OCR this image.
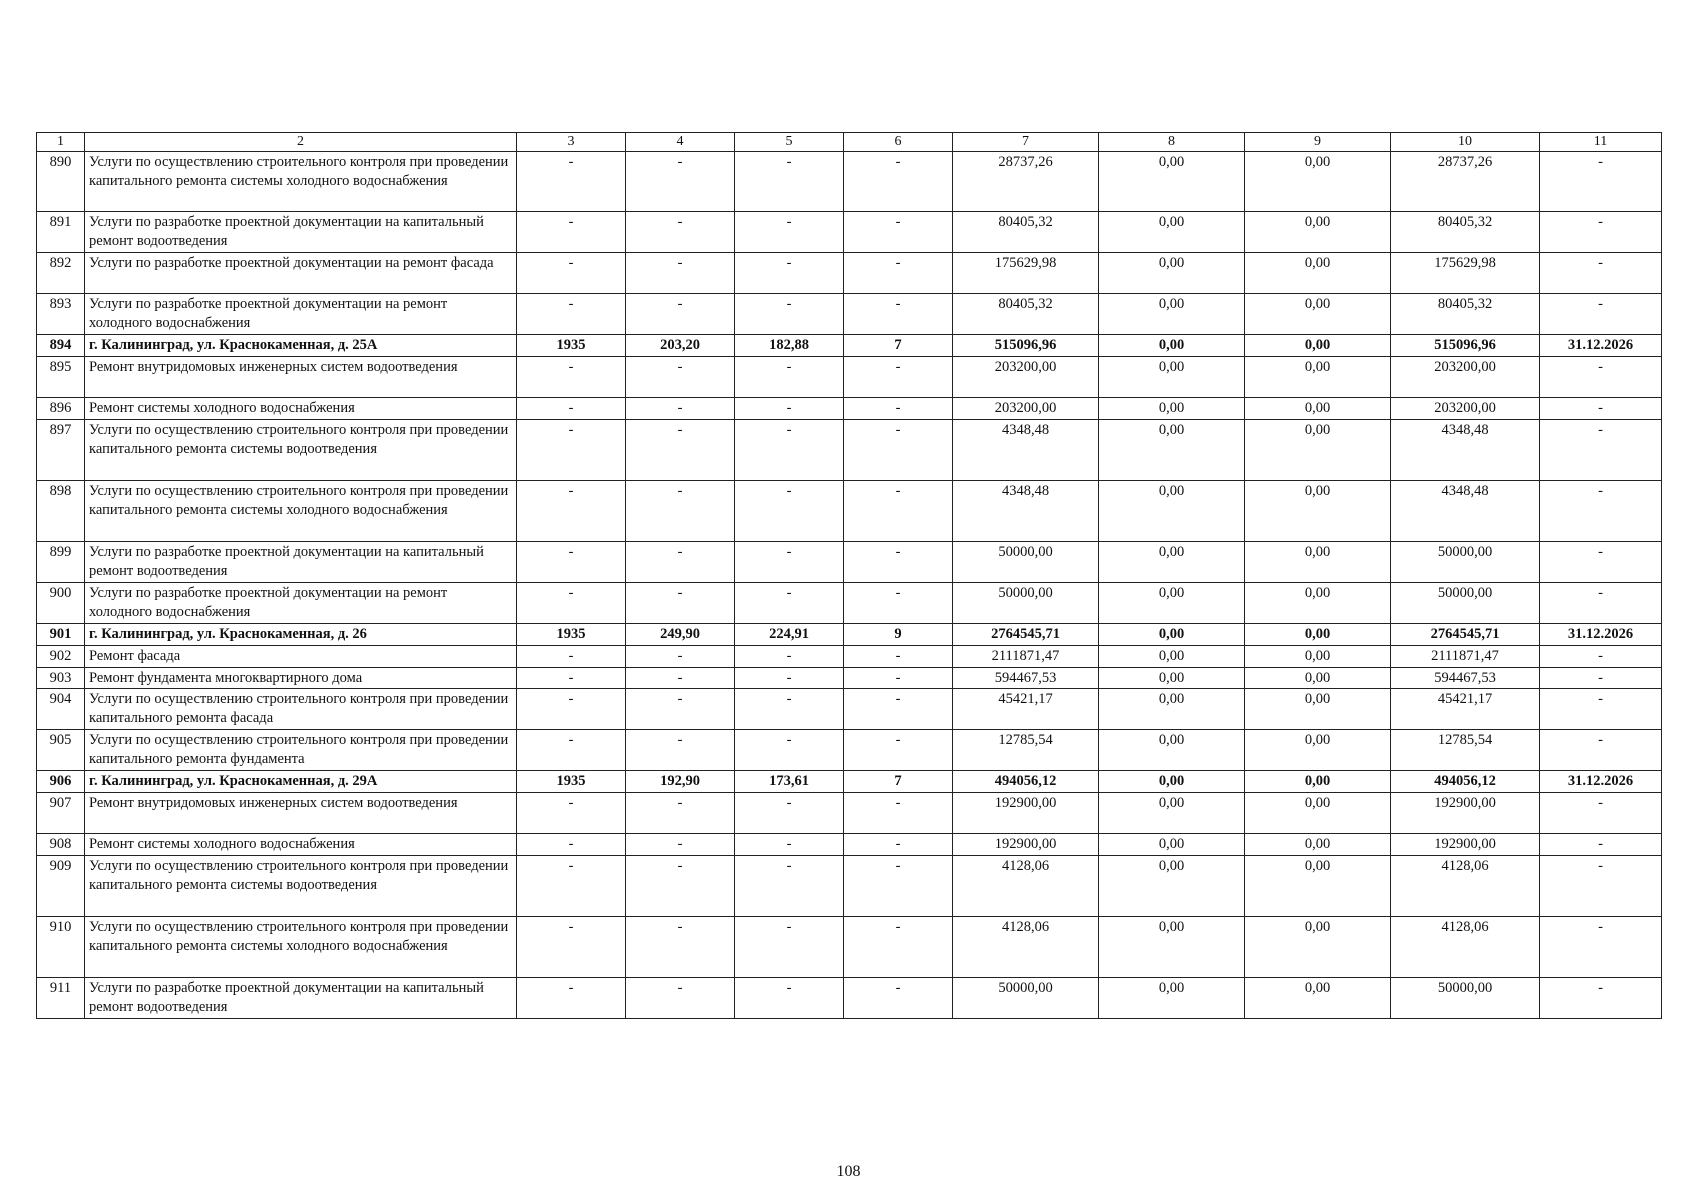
1	2	3	4	5	6	7	8	9	10	11
890	Услуги по осуществлению строительного контроля при проведении капитального ремонта системы холодного водоснабжения	-	-	-	-	28737,26	0,00	0,00	28737,26	-
891	Услуги по разработке проектной документации на капитальный ремонт водоотведения	-	-	-	-	80405,32	0,00	0,00	80405,32	-
892	Услуги по разработке проектной документации на ремонт фасада	-	-	-	-	175629,98	0,00	0,00	175629,98	-
893	Услуги по разработке проектной документации на ремонт холодного водоснабжения	-	-	-	-	80405,32	0,00	0,00	80405,32	-
894	г. Калининград, ул. Краснокаменная, д. 25А	1935	203,20	182,88	7	515096,96	0,00	0,00	515096,96	31.12.2026
895	Ремонт внутридомовых инженерных систем водоотведения	-	-	-	-	203200,00	0,00	0,00	203200,00	-
896	Ремонт системы холодного водоснабжения	-	-	-	-	203200,00	0,00	0,00	203200,00	-
897	Услуги по осуществлению строительного контроля при проведении капитального ремонта системы водоотведения	-	-	-	-	4348,48	0,00	0,00	4348,48	-
898	Услуги по осуществлению строительного контроля при проведении капитального ремонта системы холодного водоснабжения	-	-	-	-	4348,48	0,00	0,00	4348,48	-
899	Услуги по разработке проектной документации на капитальный ремонт водоотведения	-	-	-	-	50000,00	0,00	0,00	50000,00	-
900	Услуги по разработке проектной документации на ремонт холодного водоснабжения	-	-	-	-	50000,00	0,00	0,00	50000,00	-
901	г. Калининград, ул. Краснокаменная, д. 26	1935	249,90	224,91	9	2764545,71	0,00	0,00	2764545,71	31.12.2026
902	Ремонт фасада	-	-	-	-	2111871,47	0,00	0,00	2111871,47	-
903	Ремонт фундамента многоквартирного дома	-	-	-	-	594467,53	0,00	0,00	594467,53	-
904	Услуги по осуществлению строительного контроля при проведении капитального ремонта фасада	-	-	-	-	45421,17	0,00	0,00	45421,17	-
905	Услуги по осуществлению строительного контроля при проведении капитального ремонта фундамента	-	-	-	-	12785,54	0,00	0,00	12785,54	-
906	г. Калининград, ул. Краснокаменная, д. 29А	1935	192,90	173,61	7	494056,12	0,00	0,00	494056,12	31.12.2026
907	Ремонт внутридомовых инженерных систем водоотведения	-	-	-	-	192900,00	0,00	0,00	192900,00	-
908	Ремонт системы холодного водоснабжения	-	-	-	-	192900,00	0,00	0,00	192900,00	-
909	Услуги по осуществлению строительного контроля при проведении капитального ремонта системы водоотведения	-	-	-	-	4128,06	0,00	0,00	4128,06	-
910	Услуги по осуществлению строительного контроля при проведении капитального ремонта системы холодного водоснабжения	-	-	-	-	4128,06	0,00	0,00	4128,06	-
911	Услуги по разработке проектной документации на капитальный ремонт водоотведения	-	-	-	-	50000,00	0,00	0,00	50000,00	-
108
